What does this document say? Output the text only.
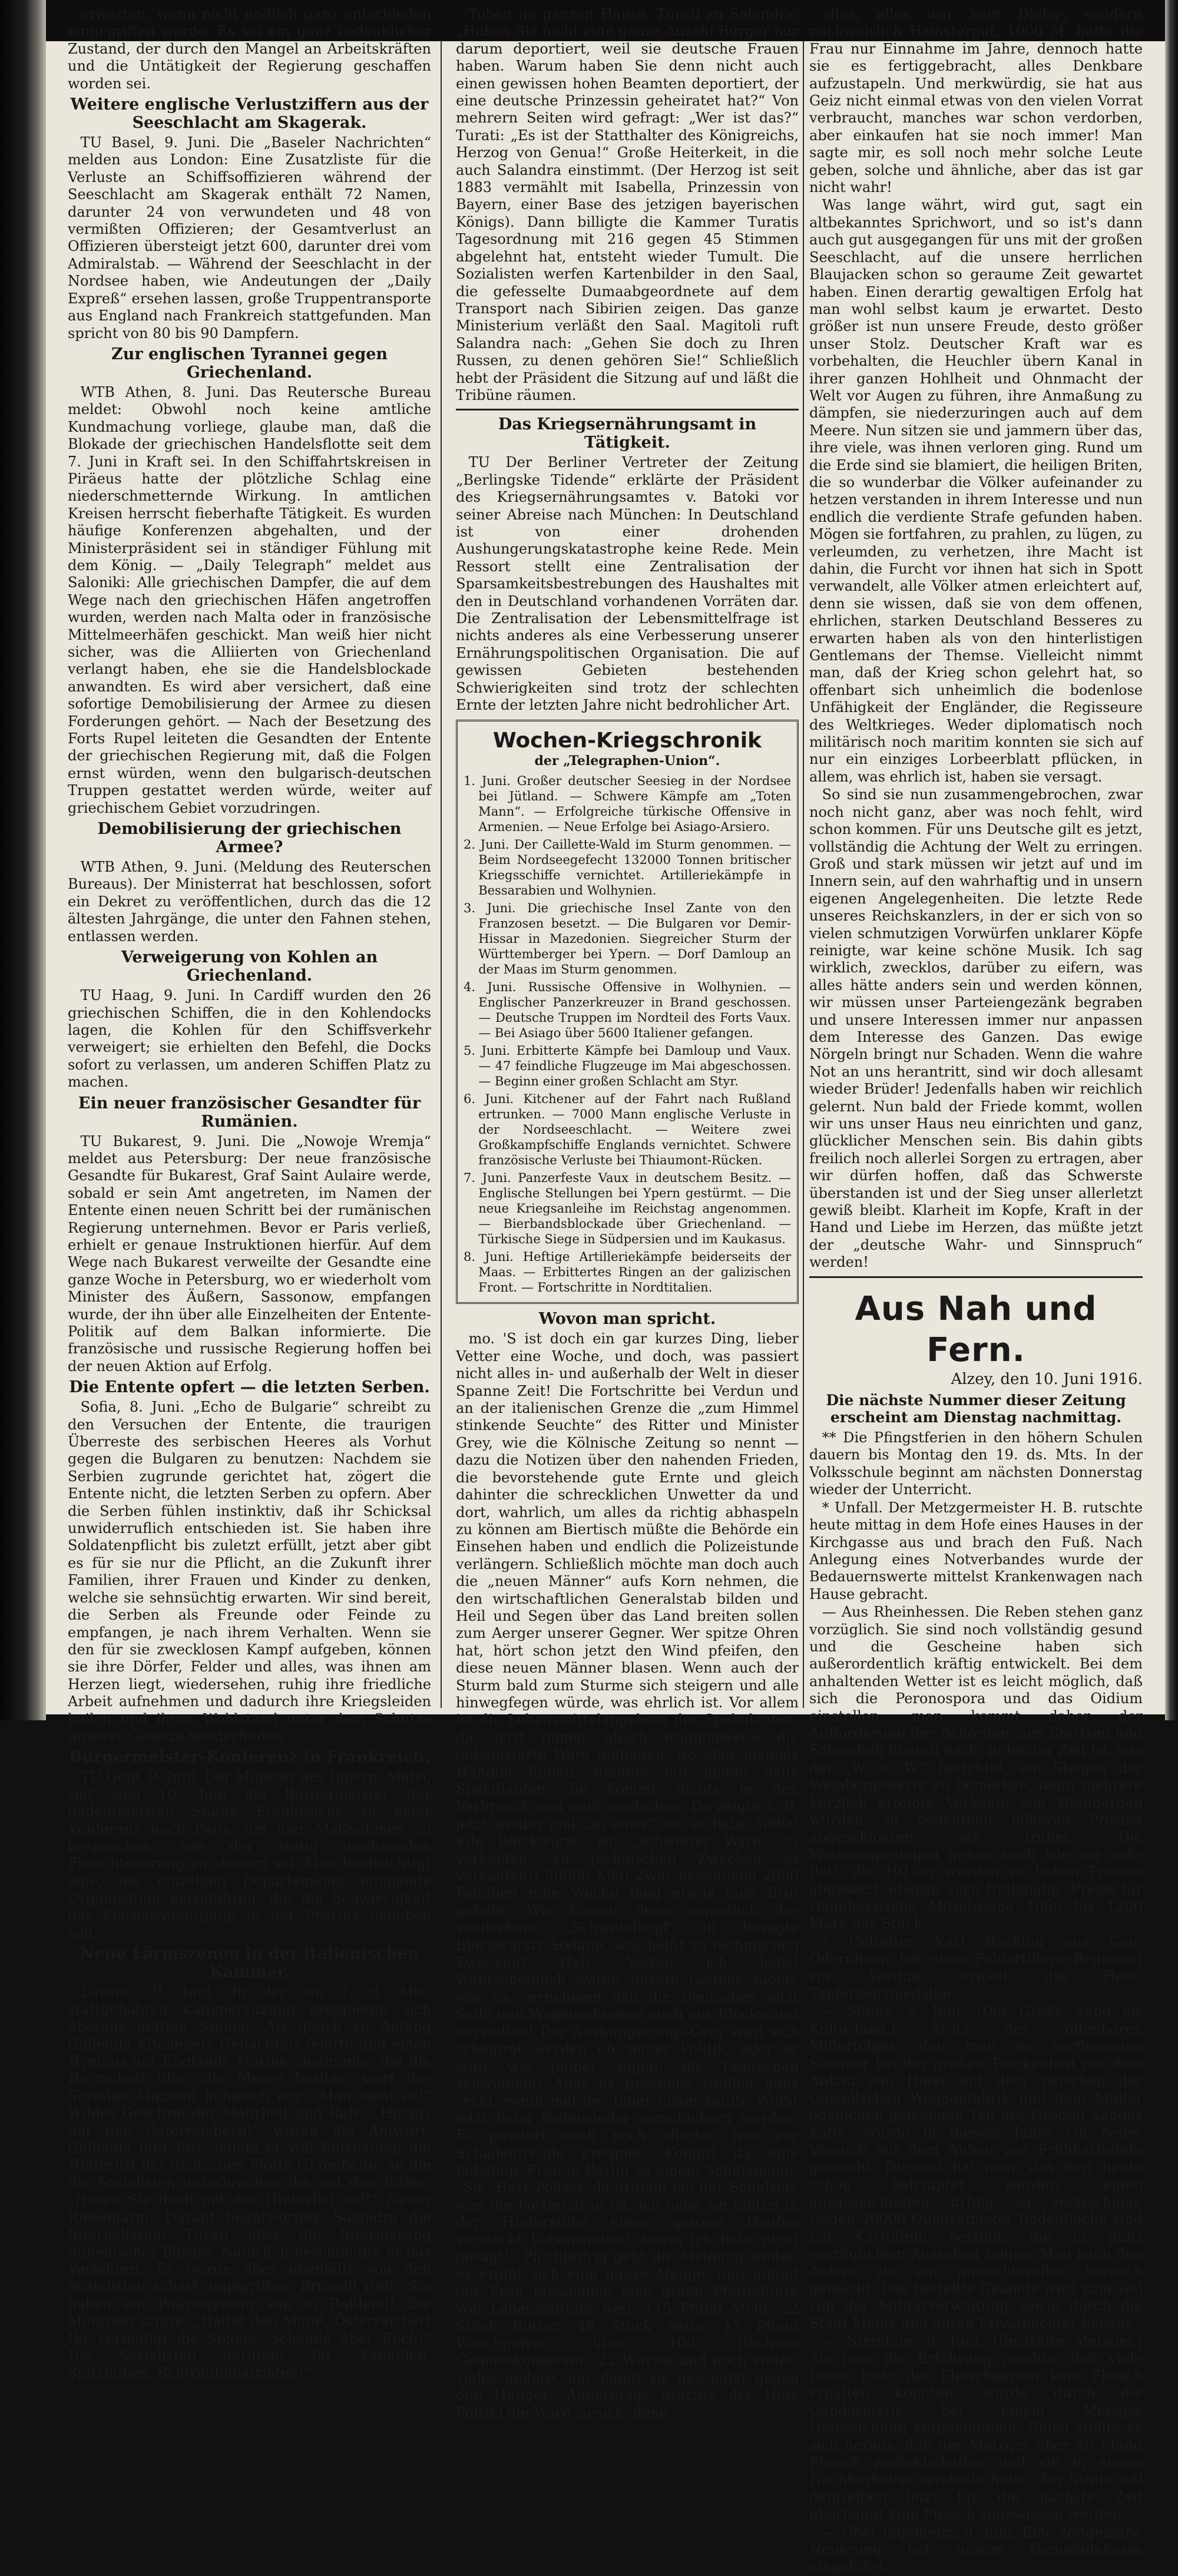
erwarten, wenn nicht endlich ganz entschieden eingegriffen werde. Es sei ein ganz bedenklicher Zustand, der durch den Mangel an Arbeitskräften und die Untätigkeit der Regierung geschaffen worden sei.

Weitere englische Verlustziffern aus der Seeschlacht am Skagerak.

TU Basel, 9. Juni. Die „Baseler Nachrichten“ melden aus London: Eine Zusatzliste für die Verluste an Schiffsoffizieren während der Seeschlacht am Skagerak enthält 72 Namen, darunter 24 von verwundeten und 48 von vermißten Offizieren; der Gesamtverlust an Offizieren übersteigt jetzt 600, darunter drei vom Admiralstab. — Während der Seeschlacht in der Nordsee haben, wie Andeutungen der „Daily Expreß“ ersehen lassen, große Truppentransporte aus England nach Frankreich stattgefunden. Man spricht von 80 bis 90 Dampfern.

Zur englischen Tyrannei gegen Griechenland.

WTB Athen, 8. Juni. Das Reutersche Bureau meldet: Obwohl noch keine amtliche Kundmachung vorliege, glaube man, daß die Blokade der griechischen Handelsflotte seit dem 7. Juni in Kraft sei. In den Schiffahrtskreisen in Piräeus hatte der plötzliche Schlag eine niederschmetternde Wirkung. In amtlichen Kreisen herrscht fieberhafte Tätigkeit. Es wurden häufige Konferenzen abgehalten, und der Ministerpräsident sei in ständiger Fühlung mit dem König. — „Daily Telegraph“ meldet aus Saloniki: Alle griechischen Dampfer, die auf dem Wege nach den griechischen Häfen angetroffen wurden, werden nach Malta oder in französische Mittelmeerhäfen geschickt. Man weiß hier nicht sicher, was die Alliierten von Griechenland verlangt haben, ehe sie die Handelsblockade anwandten. Es wird aber versichert, daß eine sofortige Demobilisierung der Armee zu diesen Forderungen gehört. — Nach der Besetzung des Forts Rupel leiteten die Gesandten der Entente der griechischen Regierung mit, daß die Folgen ernst würden, wenn den bulgarisch-deutschen Truppen gestattet werden würde, weiter auf griechischem Gebiet vorzudringen.

Demobilisierung der griechischen Armee?

WTB Athen, 9. Juni. (Meldung des Reuterschen Bureaus). Der Ministerrat hat beschlossen, sofort ein Dekret zu veröffentlichen, durch das die 12 ältesten Jahrgänge, die unter den Fahnen stehen, entlassen werden.

Verweigerung von Kohlen an Griechenland.

TU Haag, 9. Juni. In Cardiff wurden den 26 griechischen Schiffen, die in den Kohlendocks lagen, die Kohlen für den Schiffsverkehr verweigert; sie erhielten den Befehl, die Docks sofort zu verlassen, um anderen Schiffen Platz zu machen.

Ein neuer französischer Gesandter für Rumänien.

TU Bukarest, 9. Juni. Die „Nowoje Wremja“ meldet aus Petersburg: Der neue französische Gesandte für Bukarest, Graf Saint Aulaire werde, sobald er sein Amt angetreten, im Namen der Entente einen neuen Schritt bei der rumänischen Regierung unternehmen. Bevor er Paris verließ, erhielt er genaue Instruktionen hierfür. Auf dem Wege nach Bukarest verweilte der Gesandte eine ganze Woche in Petersburg, wo er wiederholt vom Minister des Äußern, Sassonow, empfangen wurde, der ihn über alle Einzelheiten der Entente-Politik auf dem Balkan informierte. Die französische und russische Regierung hoffen bei der neuen Aktion auf Erfolg.

Die Entente opfert — die letzten Serben.

Sofia, 8. Juni. „Echo de Bulgarie“ schreibt zu den Versuchen der Entente, die traurigen Überreste des serbischen Heeres als Vorhut gegen die Bulgaren zu benutzen: Nachdem sie Serbien zugrunde gerichtet hat, zögert die Entente nicht, die letzten Serben zu opfern. Aber die Serben fühlen instinktiv, daß ihr Schicksal unwiderruflich entschieden ist. Sie haben ihre Soldatenpflicht bis zuletzt erfüllt, jetzt aber gibt es für sie nur die Pflicht, an die Zukunft ihrer Familien, ihrer Frauen und Kinder zu denken, welche sie sehnsüchtig erwarten. Wir sind bereit, die Serben als Freunde oder Feinde zu empfangen, je nach ihrem Verhalten. Wenn sie den für sie zwecklosen Kampf aufgeben, können sie ihre Dörfer, Felder und alles, was ihnen am Herzen liegt, wiedersehen, ruhig ihre friedliche Arbeit aufnehmen und dadurch ihre Kriegsleiden heilen und ihren Wohlstand unter dem Schutze unserer Gesetze wiederfinden.

Bürgermeister-Konferenz in Frankreich.

TU Genf, 9. Juni. Der Minister des Innern, Malvi, rief zum 10. Juni die Bürgermeister der bedeutendsten Städte Frankreichs zu einer Konferenz nach Paris, um hier Maßnahmen zu besprechen, wie der stetig wachsenden Fleischteuerung zu steuern sei. Man beabsichtigt eine, die einzelnen Departements einigende Organisation einzuführen, die die Schwierigkeit der Fleischversorgung in der Provinz beheben soll.

Neue Lärmszenen in der italienischen Kammer.

Luzano, 9. Juni. In der am 7. d. Mts. stattgehabten Kammersitzung ereigneten sich überaus heftige Szenen. Als gleich zu Anfang Gallenga Kitcheners Gedächtnis feierte und einen Hymnus auf Englands Marine anstimmte, die die Herrschaft über die Meere besitze, warf der Sozialist Mazzoni höhnisch ein: „Man sieht es!“ Wildes Geschrei der Mehrheit und Rufe: „Hinaus mit den Österreichern!“ waren die Antwort. Gallenga fuhr fort, indem er voll Entrüstung die Hinterlist der deutschen Flotte (!) geißelte, an die die Sozialisten unterbrachen ihn mit den Rufen: „Hören Sie doch mit der Hinterlist auf!“ Neuer Riesenlärm. Darauf beantwortete Salandra die Interpellation Turati über die Internierung italienischer Bürger. Natürlich beschönigte er das Verfahren. Er wurde aber ebenfalls von den Sozialisten scharf angegriffen. Brunelli rief: „Sie haben ein Polizeisystem wie in Rußland! Die Mehrheit schrie: „Haltet den Mund, Österreicher! Ihr verteidigt die Spione, Schande über Euch!“ Die Sozialisten gerufen! Ihr Kanaillen, Spitzbuben, Schwindelpatrioten!“

Toben im ganzen Hause. Turati zu Salandra: „Haben Sie nicht eine ganze Anzahl Bürger nur darum deportiert, weil sie deutsche Frauen haben. Warum haben Sie denn nicht auch einen gewissen hohen Beamten deportiert, der eine deutsche Prinzessin geheiratet hat?“ Von mehrern Seiten wird gefragt: „Wer ist das?“ Turati: „Es ist der Statthalter des Königreichs, Herzog von Genua!“ Große Heiterkeit, in die auch Salandra einstimmt. (Der Herzog ist seit 1883 vermählt mit Isabella, Prinzessin von Bayern, einer Base des jetzigen bayerischen Königs). Dann billigte die Kammer Turatis Tagesordnung mit 216 gegen 45 Stimmen abgelehnt hat, entsteht wieder Tumult. Die Sozialisten werfen Kartenbilder in den Saal, die gefesselte Dumaabgeordnete auf dem Transport nach Sibirien zeigen. Das ganze Ministerium verläßt den Saal. Magitoli ruft Salandra nach: „Gehen Sie doch zu Ihren Russen, zu denen gehören Sie!“ Schließlich hebt der Präsident die Sitzung auf und läßt die Tribüne räumen.

Das Kriegsernährungsamt in Tätigkeit.

TU Der Berliner Vertreter der Zeitung „Berlingske Tidende“ erklärte der Präsident des Kriegsernährungsamtes v. Batoki vor seiner Abreise nach München: In Deutschland ist von einer drohenden Aushungerungskatastrophe keine Rede. Mein Ressort stellt eine Zentralisation der Sparsamkeitsbestrebungen des Haushaltes mit den in Deutschland vorhandenen Vorräten dar. Die Zentralisation der Lebensmittelfrage ist nichts anderes als eine Verbesserung unserer Ernährungspolitischen Organisation. Die auf gewissen Gebieten bestehenden Schwierigkeiten sind trotz der schlechten Ernte der letzten Jahre nicht bedrohlicher Art.

Wochen-Kriegschronik
der „Telegraphen-Union“.
1. Juni. Großer deutscher Seesieg in der Nordsee bei Jütland. — Schwere Kämpfe am „Toten Mann“. — Erfolgreiche türkische Offensive in Armenien. — Neue Erfolge bei Asiago-Arsiero.
2. Juni. Der Caillette-Wald im Sturm genommen. — Beim Nordseegefecht 132000 Tonnen britischer Kriegsschiffe vernichtet. Artilleriekämpfe in Bessarabien und Wolhynien.
3. Juni. Die griechische Insel Zante von den Franzosen besetzt. — Die Bulgaren vor Demir-Hissar in Mazedonien. Siegreicher Sturm der Württemberger bei Ypern. — Dorf Damloup an der Maas im Sturm genommen.
4. Juni. Russische Offensive in Wolhynien. — Englischer Panzerkreuzer in Brand geschossen. — Deutsche Truppen im Nordteil des Forts Vaux. — Bei Asiago über 5600 Italiener gefangen.
5. Juni. Erbitterte Kämpfe bei Damloup und Vaux. — 47 feindliche Flugzeuge im Mai abgeschossen. — Beginn einer großen Schlacht am Styr.
6. Juni. Kitchener auf der Fahrt nach Rußland ertrunken. — 7000 Mann englische Verluste in der Nordseeschlacht. — Weitere zwei Großkampfschiffe Englands vernichtet. Schwere französische Verluste bei Thiaumont-Rücken.
7. Juni. Panzerfeste Vaux in deutschem Besitz. — Englische Stellungen bei Ypern gestürmt. — Die neue Kriegsanleihe im Reichstag angenommen. — Bierbandsblockade über Griechenland. — Türkische Siege in Südpersien und im Kaukasus.
8. Juni. Heftige Artilleriekämpfe beiderseits der Maas. — Erbittertes Ringen an der galizischen Front. — Fortschritte in Nordtitalien.
Wovon man spricht.

mo. 'S ist doch ein gar kurzes Ding, lieber Vetter eine Woche, und doch, was passiert nicht alles in- und außerhalb der Welt in dieser Spanne Zeit! Die Fortschritte bei Verdun und an der italienischen Grenze die „zum Himmel stinkende Seuchte“ des Ritter und Minister Grey, wie die Kölnische Zeitung so nennt — dazu die Notizen über den nahenden Frieden, die bevorstehende gute Ernte und gleich dahinter die schrecklichen Unwetter da und dort, wahrlich, um alles da richtig abhaspeln zu können am Biertisch müßte die Behörde ein Einsehen haben und endlich die Polizeistunde verlängern. Schließlich möchte man doch auch die „neuen Männer“ aufs Korn nehmen, die den wirtschaftlichen Generalstab bilden und Heil und Segen über das Land breiten sollen zum Aerger unserer Gegner. Wer spitze Ohren hat, hört schon jetzt den Wind pfeifen, den diese neuen Männer blasen. Wenn auch der Sturm bald zum Sturme sich steigern und alle hinwegfegen würde, was ehrlich ist. Vor allem ist die Lebensmittelangebote der Spekulanten, die jetzt immer gleich waggonweise die gehamsterte Ware feilbieten, wo aber niemals Händler finden, sondern nur immer neue Spekulanten. So kommt nichts in den Verbrauch und muß verderben. Da zeigte z. B. jetzt wieder mal „so einer“ an, er habe 50000 Kilo Blockwurst, wo „schweizer Ware“ zu verkaufen, zu technischen Zwecken zu verkaufen!! 50000 Kilo! Zwar bekommen 2000 Familien eine Woche lang etwas aufs Brot gehabt. Wie kommt denn eigentlich der sonderbare „Schwefelkopf“ in besagte Blockwurst? Sodann, was heißt zu technischen Zwecken? Halt, Vetter, ich habs! Wahrscheinlich waren unsere Gegner sagen, wie sie vernehmen daß die Deutschen jetzt Seife und Wagenschmiere auch aus Blockwurst herstellen! Der Aushungerungs-Grey wird sich schamrot werden ob seiner Politik, oder er wird wie immer sagen: die Deutschen schwindeln! Aber es geschehs freilich ganz recht, wenn mal der teuer einge kaufte Wurst jetzt beim Seifensieder verschickern werden. Es passiert auch noch allerlei, was zur Schadenfreude ereignet. Kommt da eine behäbige Frau in Berlin zu einem Schutzmann: „Sie, Herr Polizei, da drüben bei der Schulzen, was die Portiersfrau ist, ich habe sie hinten in der Hinterstube einen ganzen Haufen versteckt Lebensmittel! Auwei ich habs nicht gesagt!“ Pflichteifrig geht die Meldung weiter, es ergibt sich eine ganze Menge, und nimmt der Frau tatsächlich eine große Pferdefuhre von Lebensmitteln weg: 115 Pfund Mehl, 22 Stück Butter, 48 Stück Seife, 17 Pfund Waschpulver, über 100 Büchsen Gemüsekonserven, 22 Würste und noch vieles, vieles andere, nur damit sie geschützt gegen den Hunger! Anderntags brachte der Herr Polizei die Ware zurück, denn

alles, alles war kein Diebs-, sondern nachweislich Hamstergut. 1000 M. hatte die Frau nur Einnahme im Jahre, dennoch hatte sie es fertiggebracht, alles Denkbare aufzustapeln. Und merkwürdig, sie hat aus Geiz nicht einmal etwas von den vielen Vorrat verbraucht, manches war schon verdorben, aber einkaufen hat sie noch immer! Man sagte mir, es soll noch mehr solche Leute geben, solche und ähnliche, aber das ist gar nicht wahr!

Was lange währt, wird gut, sagt ein altbekanntes Sprichwort, und so ist's dann auch gut ausgegangen für uns mit der großen Seeschlacht, auf die unsere herrlichen Blaujacken schon so geraume Zeit gewartet haben. Einen derartig gewaltigen Erfolg hat man wohl selbst kaum je erwartet. Desto größer ist nun unsere Freude, desto größer unser Stolz. Deutscher Kraft war es vorbehalten, die Heuchler übern Kanal in ihrer ganzen Hohlheit und Ohnmacht der Welt vor Augen zu führen, ihre Anmaßung zu dämpfen, sie niederzuringen auch auf dem Meere. Nun sitzen sie und jammern über das, ihre viele, was ihnen verloren ging. Rund um die Erde sind sie blamiert, die heiligen Briten, die so wunderbar die Völker aufeinander zu hetzen verstanden in ihrem Interesse und nun endlich die verdiente Strafe gefunden haben. Mögen sie fortfahren, zu prahlen, zu lügen, zu verleumden, zu verhetzen, ihre Macht ist dahin, die Furcht vor ihnen hat sich in Spott verwandelt, alle Völker atmen erleichtert auf, denn sie wissen, daß sie von dem offenen, ehrlichen, starken Deutschland Besseres zu erwarten haben als von den hinterlistigen Gentlemans der Themse. Vielleicht nimmt man, daß der Krieg schon gelehrt hat, so offenbart sich unheimlich die bodenlose Unfähigkeit der Engländer, die Regisseure des Weltkrieges. Weder diplomatisch noch militärisch noch maritim konnten sie sich auf nur ein einziges Lorbeerblatt pflücken, in allem, was ehrlich ist, haben sie versagt.

So sind sie nun zusammengebrochen, zwar noch nicht ganz, aber was noch fehlt, wird schon kommen. Für uns Deutsche gilt es jetzt, vollständig die Achtung der Welt zu erringen. Groß und stark müssen wir jetzt auf und im Innern sein, auf den wahrhaftig und in unsern eigenen Angelegenheiten. Die letzte Rede unseres Reichskanzlers, in der er sich von so vielen schmutzigen Vorwürfen unklarer Köpfe reinigte, war keine schöne Musik. Ich sag wirklich, zwecklos, darüber zu eifern, was alles hätte anders sein und werden können, wir müssen unser Parteiengezänk begraben und unsere Interessen immer nur anpassen dem Interesse des Ganzen. Das ewige Nörgeln bringt nur Schaden. Wenn die wahre Not an uns herantritt, sind wir doch allesamt wieder Brüder! Jedenfalls haben wir reichlich gelernt. Nun bald der Friede kommt, wollen wir uns unser Haus neu einrichten und ganz, glücklicher Menschen sein. Bis dahin gibts freilich noch allerlei Sorgen zu ertragen, aber wir dürfen hoffen, daß das Schwerste überstanden ist und der Sieg unser allerletzt gewiß bleibt. Klarheit im Kopfe, Kraft in der Hand und Liebe im Herzen, das müßte jetzt der „deutsche Wahr- und Sinnspruch“ werden!

Aus Nah und Fern.
Alzey, den 10. Juni 1916.
Die nächste Nummer dieser Zeitung erscheint am Dienstag nachmittag.

** Die Pfingstferien in den höhern Schulen dauern bis Montag den 19. ds. Mts. In der Volksschule beginnt am nächsten Donnerstag wieder der Unterricht.

* Unfall. Der Metzgermeister H. B. rutschte heute mittag in dem Hofe eines Hauses in der Kirchgasse aus und brach den Fuß. Nach Anlegung eines Notverbandes wurde der Bedauernswerte mittelst Krankenwagen nach Hause gebracht.

— Aus Rheinhessen. Die Reben stehen ganz vorzüglich. Sie sind noch vollständig gesund und die Gescheine haben sich außerordentlich kräftig entwickelt. Bei dem anhaltenden Wetter ist es leicht möglich, daß sich die Peronospora und das Oidium einstellen, man kommt daher der Aufforderung der Behörden zum Spritzen und Schwefeln überall nach. In letzter Zeit ist, wie der „W. u. W.“ berichtet, ein Steigen der Weinbergswerte zu bemerken, denn mehrere kürzlich erfolgte Verkäufe von Weinbergen wurden zu bedeutend höheren Preisen abgeschlossen als früher. Die Weinsteigerungen gehen nach wie vor sehr flott, die 1915er wurden zu hohen Preisen abgesetzt, ebenso auch freihändig. Preise für rheinhessische Mittelweine 1000 bis 1200 Mark das Stück.

* Gefreiter Karl Bücking aus Gau-Odernheim, bei einem Feldartillerie-Regiment vor Verdun, erhielt die Hess. Tapferkeitsmedaille.

— Mainz, 9. Juni. (Der Große Sand als Kulturland.) Trotz des offenbaren Mißerfolges, den man im verflossenen Sommer bei der großen Trockenheit mit dem Anbau von Hafer auf dem zwischen der Gastellschen Waggonfabrik und dem Müller odeldchen gelegenen Teil des Großen Sandes hatte, wurde in diesem Jahre ein neuer Versuch mit dem Anbau von Frühkartoffeln gemacht. Diesmal hat man, das darf heute schon behauptet werden, einen ausgezeichneten Erfolg zu verzeichnen. Gegen 20000 Quadratmeter Bodenfläche sind mit Kartoffeln bestellt, die in ganz vorzüglichem Aussehen zeigen. Man kann den Anbau als ein aussichtsvoller Versuch gemacht. Das bestellte Gelände wird zum Teil von der Militärverwaltung sowie durch die Stadt Mainz und durch Privatpächter bebaut.

— Nierstein, 8. Juni. (Bestrafte Metzger.) Als man die Erfahrung machte, daß viele Leute trotz der Fleischkarten kein Fleisch erhalten konnten, wurde durch die Gendarmerie bei einem Metzger Haussuchung vorgenommen. Dabei stellte es sich heraus, daß der Metzger über 40 Pfund Fleisch zurückbehalten und sie in einem Nachbarhause versteckt hatte. Zur Strafe soll demselben jetzt für die nächste Zeit überhaupt kein Fleisch zugewiesen werden.

— Ober-Ingelheim, 9. Juni. Eine zeitgemäße Neuerung hat unsere Gemeindekasse eingeführt.
